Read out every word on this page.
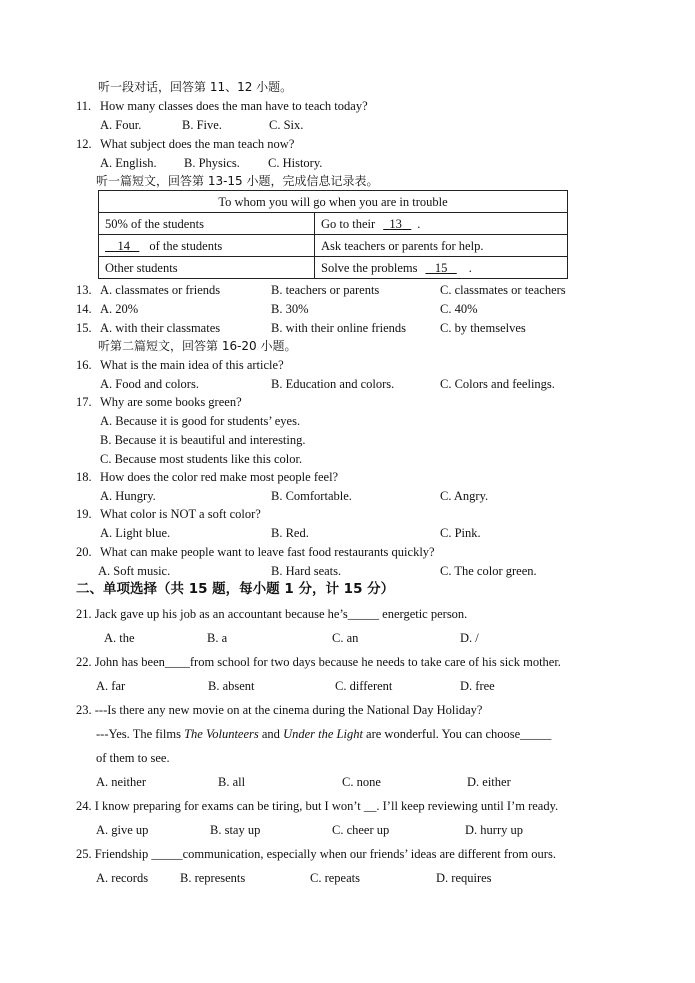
听一段对话，回答第 11、12 小题。
11. How many classes does the man have to teach today?
A. Four.	B. Five.	C. Six.
12. What subject does the man teach now?
A. English. B. Physics. C. History.
听一篇短文，回答第 13-15 小题，完成信息记录表。
To whom you will go when you are in trouble	
50% of the students	Go to their 13 .
14 of the students	Ask teachers or parents for help.
Other students	Solve the problems 15 .
13. A. classmates or friends	B. teachers or parents	C. classmates or teachers
14. A. 20%	B. 30%	C. 40%
15. A. with their classmates	B. with their online friends	C. by themselves
听第二篇短文，回答第 16-20 小题。
16. What is the main idea of this article?
A. Food and colors.	B. Education and colors.	C. Colors and feelings.
17. Why are some books green?
A. Because it is good for students’ eyes.
B. Because it is beautiful and interesting.
C. Because most students like this color.
18. How does the color red make most people feel?
A. Hungry.	B. Comfortable.	C. Angry.
19. What color is NOT a soft color?
A. Light blue.	B. Red.	C. Pink.
20. What can make people want to leave fast food restaurants quickly?
A. Soft music.	B. Hard seats.	C. The color green.
二、单项选择（共 15 题，每小题 1 分，计 15 分）
21. Jack gave up his job as an accountant because he’s_____ energetic person.
A. the	B. a	C. an	D. /
22. John has been____from school for two days because he needs to take care of his sick mother.
A. far	B. absent	C. different	D. free
23. ---Is there any new movie on at the cinema during the National Day Holiday?
---Yes. The films The Volunteers and Under the Light are wonderful. You can choose_____
of them to see.
A. neither	B. all	C. none	D. either
24. I know preparing for exams can be tiring, but I won’t __. I’ll keep reviewing until I’m ready.
A. give up	B. stay up	C. cheer up	D. hurry up
25. Friendship _____communication, especially when our friends’ ideas are different from ours.
A. records	B. represents	C. repeats	D. requires
